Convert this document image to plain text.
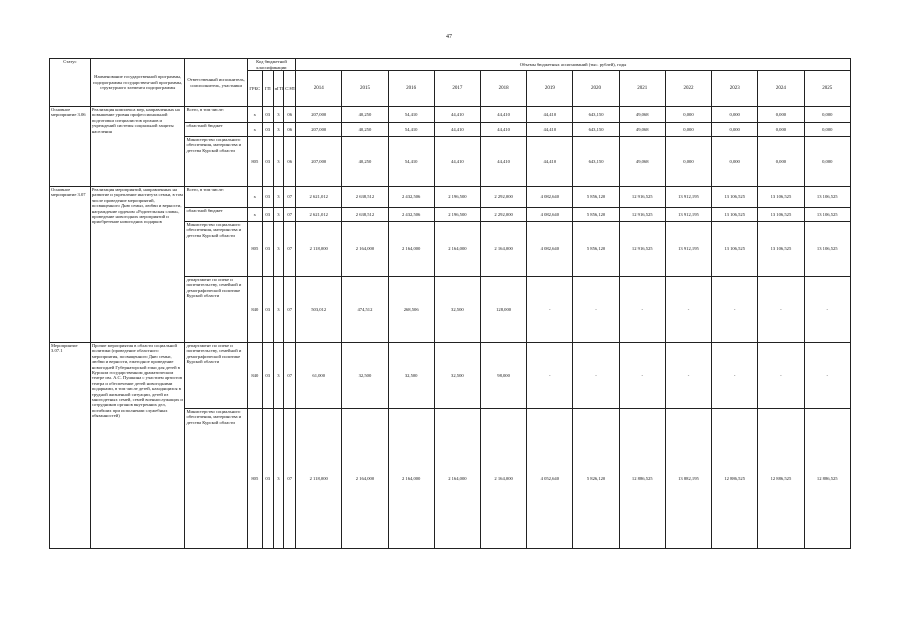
47
Статус	Наименование государственной программы, подпрограммы государствен-ной программы, структурного элемента подпрограммы	Ответственный исполнитель, соисполнитель, участники	Код бюджетной классификации				Объемы бюджетных ассигнований (тыс. рублей), годы											
			ГРБС	ГП	пГП	СЭП	2014	2015	2016	2017	2018	2019	2020	2021	2022	2023	2024	2025

Основное мероприятие 3.06	Реализация комплекса мер, направленных на повышение уровня профессиональной подготовки специалистов органов и учреждений системы социальной защиты населения	Всего, в том числе:	х	03	3	06	207,000	40,250	54,410	44,410	44,410	44,410	643,150	49,068	0,000	0,000	0,000	0,000
		областной бюджет	х	03	3	06	207,000	40,250	54,410	44,410	44,410	44,410	643,150	49,068	0,000	0,000	0,000	0,000
		Министерство социального обеспечения, материнства и детства Курской области	805	03	3	06	207,000	40,250	54,410	44,410	44,410	44,410	643,150	49,068	0,000	0,000	0,000	0,000
Основное мероприятие 3.07	Реализация мероприятий, направленных на развитие и укрепление института семьи, в том числе проведение мероприятий, посвященного Дню семьи, любви и верности, награждение орденом «Родительская слава», проведение новогодних мероприятий и приобретение новогодних подарков	Всего, в том числе:	х	03	3	07	2 621,012	2 638,512	2 432,506	2 196,500	2 292,000	4 082,640	5 856,120	12 916,525	13 912,195	13 106,525	13 106,525	13 106,525
		областной бюджет	х	03	3	07	2 621,012	2 638,512	2 432,506	2 196,500	2 292,000	4 082,640	5 856,120	12 916,525	13 912,195	13 106,525	13 106,525	13 106,525
		Министерство социального обеспечения, материнства и детства Курской области	805	03	3	07	2 118,000	2 164,000	2 164,000	2 164,000	2 164,000	4 082,640	5 856,120	12 916,525	13 912,195	13 106,525	13 106,525	13 106,525
		департамент по опеке и попечительству, семейной и демографической политике Курской области	840	03	3	07	503,012	474,512	268,506	32,500	128,000	-	-	-	-	-	-	-
Мероприятие 3.07.1	Прочие мероприятия в области социальной политики (проведение областного мероприятия, посвященного Дню семьи, любви и верности, ежегодное проведение новогодней Губернаторской елки для детей в Курском государственном драматическом театре им. А.С. Пушкина с участием артистов театра и обеспечение детей новогодними подарками, в том числе детей, находящихся в трудной жизненной ситуации, детей из многодетных семей, семей военнослужащих и сотрудников органов внутренних дел, погибших при исполнении служебных обязанностей)	департамент по опеке и попечительству, семейной и демографической политике Курской области	840	03	3	07	61,000	32,500	32,500	32,500	98,000	-	-	-	-	-	-	-
		Министерство социального обеспечения, материнства и детства Курской области	805	03	3	07	2 118,000	2 164,000	2 164,000	2 164,000	2 164,000	4 052,640	5 826,120	12 886,525	13 882,195	12 886,525	12 886,525	12 886,525
